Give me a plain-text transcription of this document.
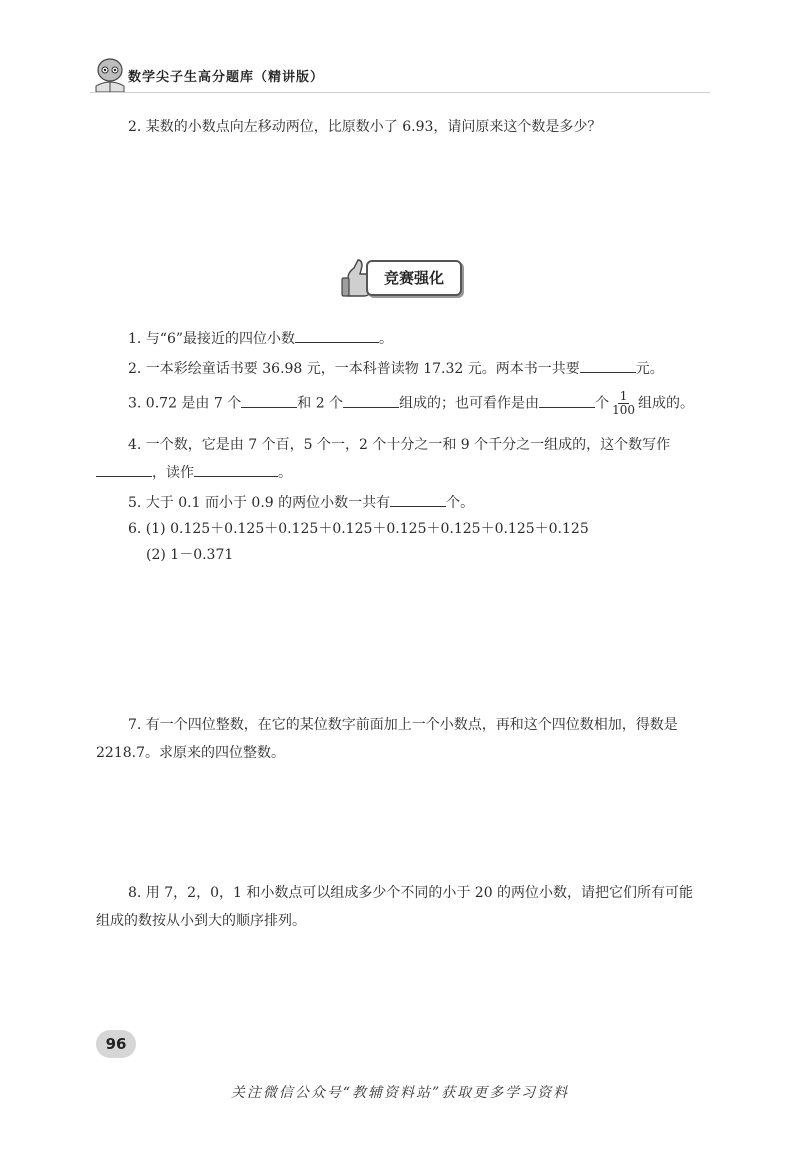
数学尖子生高分题库（精讲版）
2. 某数的小数点向左移动两位，比原数小了 6.93，请问原来这个数是多少？
竞赛强化
1. 与“6”最接近的四位小数	。
2. 一本彩绘童话书要 36.98 元，一本科普读物 17.32 元。两本书一共要	元。
3. 0.72 是由 7 个	和 2 个	组成的；也可看作是由	个 $\frac{1}{100}$ 组成的。
4. 一个数，它是由 7 个百，5 个一，2 个十分之一和 9 个千分之一组成的，这个数写作
，读作	。
5. 大于 0.1 而小于 0.9 的两位小数一共有	个。
6. (1) 0.125＋0.125＋0.125＋0.125＋0.125＋0.125＋0.125＋0.125
(2) 1－0.371
7. 有一个四位整数，在它的某位数字前面加上一个小数点，再和这个四位数相加，得数是
2218.7。求原来的四位整数。
8. 用 7，2，0，1 和小数点可以组成多少个不同的小于 20 的两位小数，请把它们所有可能
组成的数按从小到大的顺序排列。
96
关注微信公众号“教辅资料站”获取更多学习资料
